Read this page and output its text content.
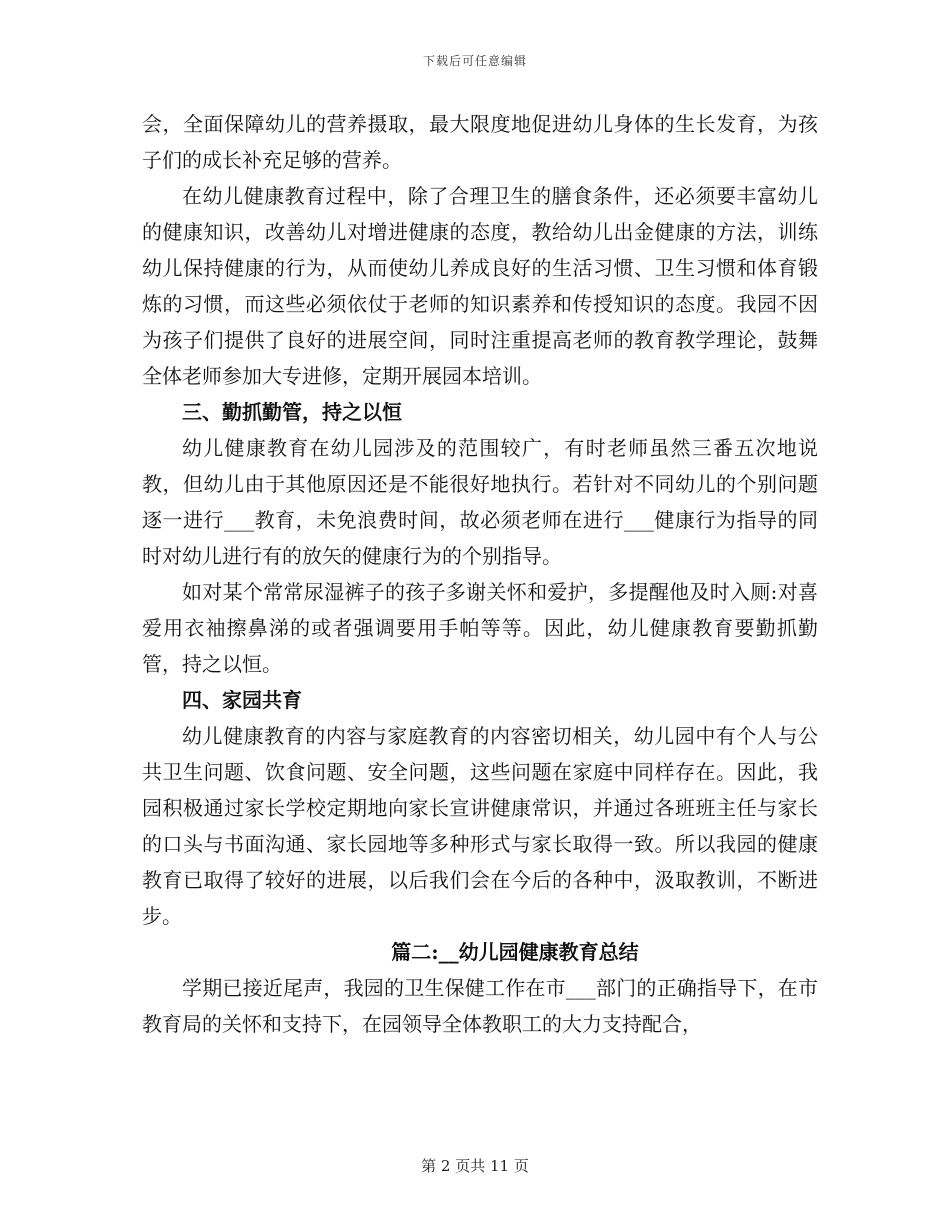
下载后可任意编辑

会，全面保障幼儿的营养摄取，最大限度地促进幼儿身体的生长发育，为孩子们的成长补充足够的营养。

在幼儿健康教育过程中，除了合理卫生的膳食条件，还必须要丰富幼儿的健康知识，改善幼儿对增进健康的态度，教给幼儿出金健康的方法，训练幼儿保持健康的行为，从而使幼儿养成良好的生活习惯、卫生习惯和体育锻炼的习惯，而这些必须依仗于老师的知识素养和传授知识的态度。我园不因为孩子们提供了良好的进展空间，同时注重提高老师的教育教学理论，鼓舞全体老师参加大专进修，定期开展园本培训。

三、勤抓勤管，持之以恒

幼儿健康教育在幼儿园涉及的范围较广，有时老师虽然三番五次地说教，但幼儿由于其他原因还是不能很好地执行。若针对不同幼儿的个别问题逐一进行___教育，未免浪费时间，故必须老师在进行___健康行为指导的同时对幼儿进行有的放矢的健康行为的个别指导。

如对某个常常尿湿裤子的孩子多谢关怀和爱护，多提醒他及时入厕:对喜爱用衣袖擦鼻涕的或者强调要用手帕等等。因此，幼儿健康教育要勤抓勤管，持之以恒。

四、家园共育

幼儿健康教育的内容与家庭教育的内容密切相关，幼儿园中有个人与公共卫生问题、饮食问题、安全问题，这些问题在家庭中同样存在。因此，我园积极通过家长学校定期地向家长宣讲健康常识，并通过各班班主任与家长的口头与书面沟通、家长园地等多种形式与家长取得一致。所以我园的健康教育已取得了较好的进展，以后我们会在今后的各种中，汲取教训，不断进步。

篇二:__幼儿园健康教育总结

学期已接近尾声，我园的卫生保健工作在市___部门的正确指导下，在市教育局的关怀和支持下，在园领导全体教职工的大力支持配合，

第 2 页共 11 页
